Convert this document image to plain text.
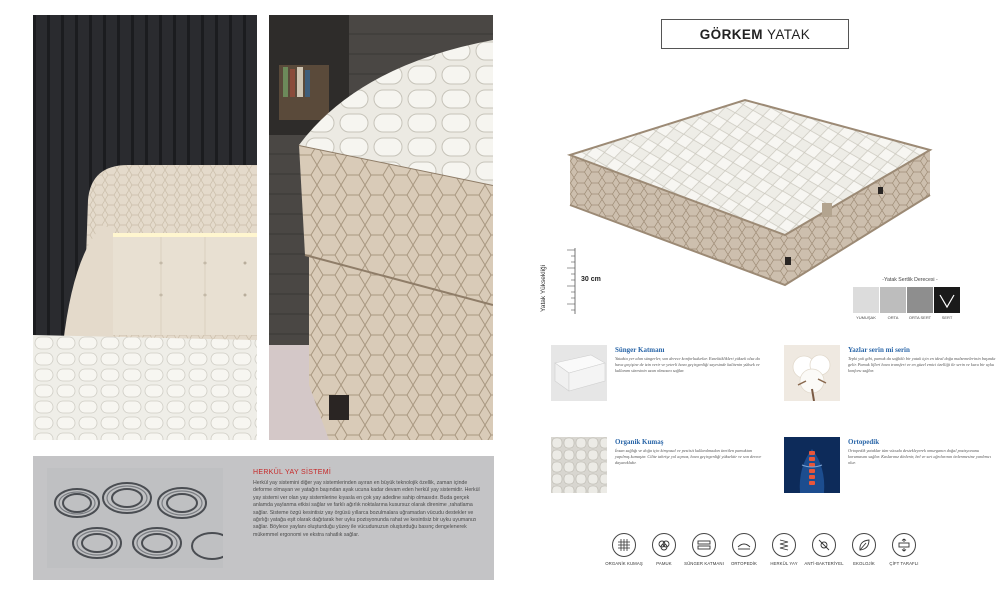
HERKÜL YAY SİSTEMİ
Herkül yay sistemini diğer yay sistemlerinden ayıran en büyük teknolojik özellik, zaman içinde deforme olmayan ve yatağın başından ayak ucuna kadar devam eden herkül yay sistemidir. Herkül yay sistemi ver olan yay sistemlerine kıyasla en çok yay adedine sahip olmasıdır. Buda gerçek anlamda yaylanma etkisi sağlar ve farklı ağırlık noktalarına kusursuz olarak direnime ,rahatlama sağlar. Sisteme özgü kesintisiz yay örgüsü yıllarca bozulmalara uğramadan vücudu destekler ve ağırlığı yatağa eşit olarak dağıtarak her uyku pozisyonunda rahat ve kesintisiz bir uyku uyumanızı sağlar. Böylece yaylanı oluşturduğu yüzey ile vücudunuzun oluşturduğu basınç dengelenerek mükemmel ergonomi ve ekstra rahatlık sağlar.
GÖRKEM YATAK
Yatak Yüksekliği	30 cm	-Yatak Sertlik Derecesi -
YUMUŞAK	ORTA	ORTA SERT	SERT
Sünger Katmanı
Yatakta yer alan süngerler, son derece konforludurlar. Esnektiklikleri yüksek olsa da hava geçişine de izin verir ve yeterli hava geçirgenliği sayesinde kalitenin yüksek ve kullanım süresinin uzun olmasını sağlar.
Yazlar serin mi serin
Tepki yok gibi, pamuk da sağlıklı bir yatak için en ideal doğa malzemelerinin başında gelir. Pamuk lifleri hava transferi ve en güzel emici özelliği ile serin ve kuru bir uyku konforu sağlar.
Organik Kumaş
İnsan sağlığı ve doğa için kimyasal ve pestisit kullanılmadan üretilen pamuktan yapılmış kumaştır. Ciltte tahrişe yol açmaz, hava geçirgenliği yüksektir ve son derece dayanıklıdır.
Ortopedik
Ortopedik yataklar tüm vücudu destekleyerek omurganın doğal pozisyonunu korumasını sağlar. Kaslarınız dinlenir, bel ve sırt ağrılarının önlenmesine yardımcı olur.
ORGANİK KUMAŞ	PAMUK	SÜNGER KATMANI	ORTOPEDİK	HERKÜL YAY	ANTİ-BAKTERİYEL	EKOLOJİK	ÇİFT TARAFLI
